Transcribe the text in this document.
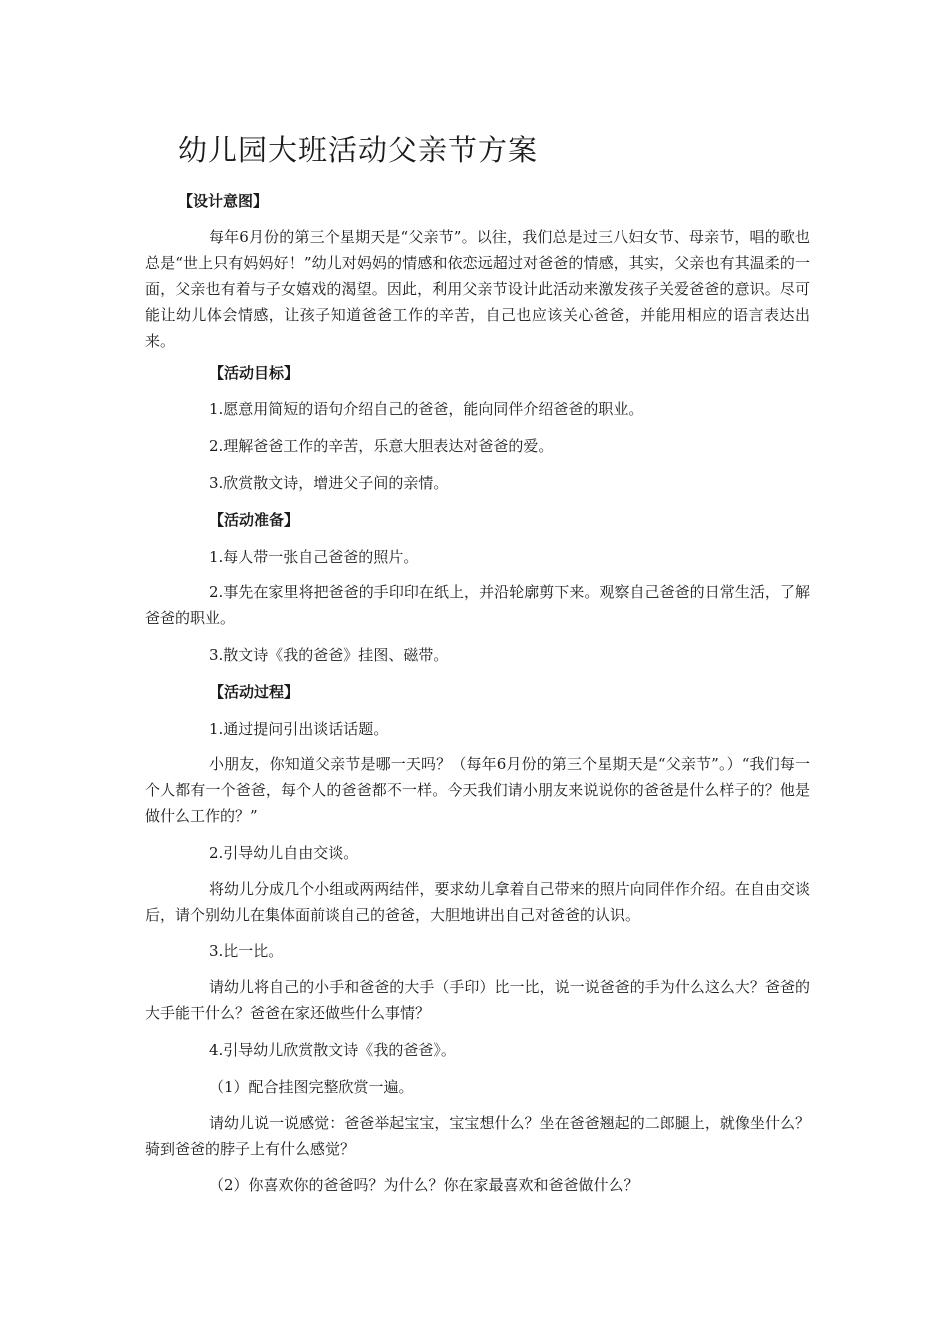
幼儿园大班活动父亲节方案
【设计意图】
每年6月份的第三个星期天是“父亲节”。以往，我们总是过三八妇女节、母亲节，唱的歌也总是“世上只有妈妈好！”幼儿对妈妈的情感和依恋远超过对爸爸的情感，其实，父亲也有其温柔的一面，父亲也有着与子女嬉戏的渴望。因此，利用父亲节设计此活动来激发孩子关爱爸爸的意识。尽可能让幼儿体会情感，让孩子知道爸爸工作的辛苦，自己也应该关心爸爸，并能用相应的语言表达出来。
【活动目标】
1.愿意用简短的语句介绍自己的爸爸，能向同伴介绍爸爸的职业。
2.理解爸爸工作的辛苦，乐意大胆表达对爸爸的爱。
3.欣赏散文诗，增进父子间的亲情。
【活动准备】
1.每人带一张自己爸爸的照片。
2.事先在家里将把爸爸的手印印在纸上，并沿轮廓剪下来。观察自己爸爸的日常生活，了解爸爸的职业。
3.散文诗《我的爸爸》挂图、磁带。
【活动过程】
1.通过提问引出谈话话题。
小朋友，你知道父亲节是哪一天吗？（每年6月份的第三个星期天是“父亲节”。）“我们每一个人都有一个爸爸，每个人的爸爸都不一样。今天我们请小朋友来说说你的爸爸是什么样子的？他是做什么工作的？”
2.引导幼儿自由交谈。
将幼儿分成几个小组或两两结伴，要求幼儿拿着自己带来的照片向同伴作介绍。在自由交谈后，请个别幼儿在集体面前谈自己的爸爸，大胆地讲出自己对爸爸的认识。
3.比一比。
请幼儿将自己的小手和爸爸的大手（手印）比一比，说一说爸爸的手为什么这么大？爸爸的大手能干什么？爸爸在家还做些什么事情？
4.引导幼儿欣赏散文诗《我的爸爸》。
（1）配合挂图完整欣赏一遍。
请幼儿说一说感觉：爸爸举起宝宝，宝宝想什么？坐在爸爸翘起的二郎腿上，就像坐什么？骑到爸爸的脖子上有什么感觉？
（2）你喜欢你的爸爸吗？为什么？你在家最喜欢和爸爸做什么？
